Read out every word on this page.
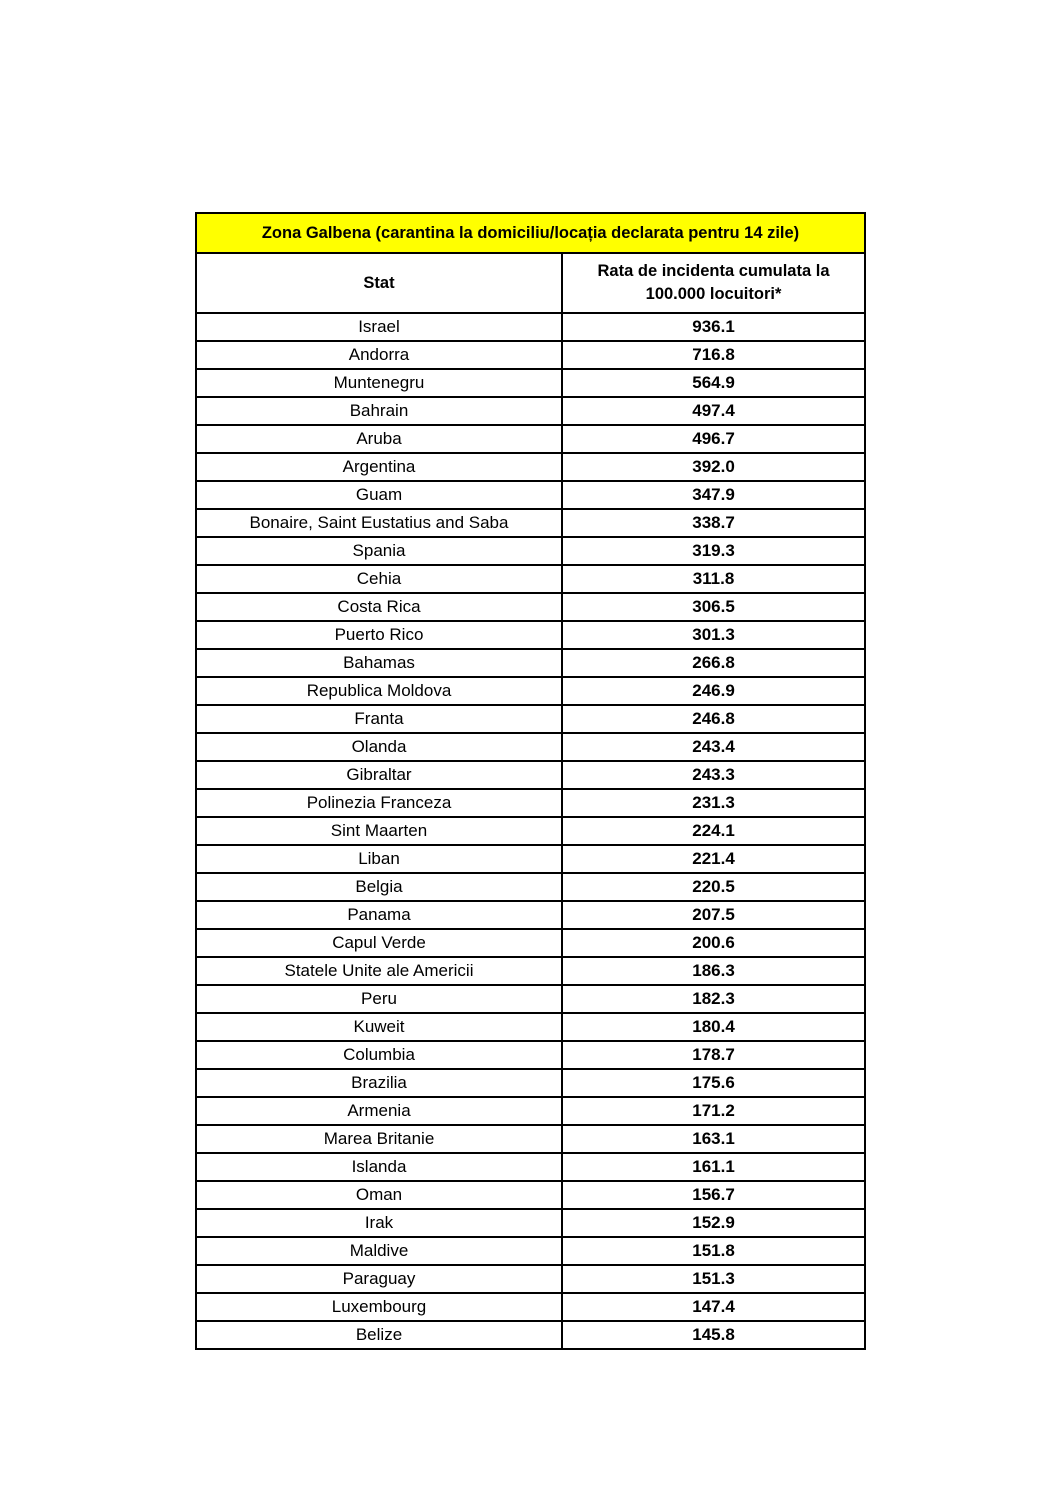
Zona Galbena (carantina la domiciliu/locația declarata pentru 14 zile)	
Stat	Rata de incidenta cumulata la
100.000 locuitori*

Israel	936.1
Andorra	716.8
Muntenegru	564.9
Bahrain	497.4
Aruba	496.7
Argentina	392.0
Guam	347.9
Bonaire, Saint Eustatius and Saba	338.7
Spania	319.3
Cehia	311.8
Costa Rica	306.5
Puerto Rico	301.3
Bahamas	266.8
Republica Moldova	246.9
Franta	246.8
Olanda	243.4
Gibraltar	243.3
Polinezia Franceza	231.3
Sint Maarten	224.1
Liban	221.4
Belgia	220.5
Panama	207.5
Capul Verde	200.6
Statele Unite ale Americii	186.3
Peru	182.3
Kuweit	180.4
Columbia	178.7
Brazilia	175.6
Armenia	171.2
Marea Britanie	163.1
Islanda	161.1
Oman	156.7
Irak	152.9
Maldive	151.8
Paraguay	151.3
Luxembourg	147.4
Belize	145.8
